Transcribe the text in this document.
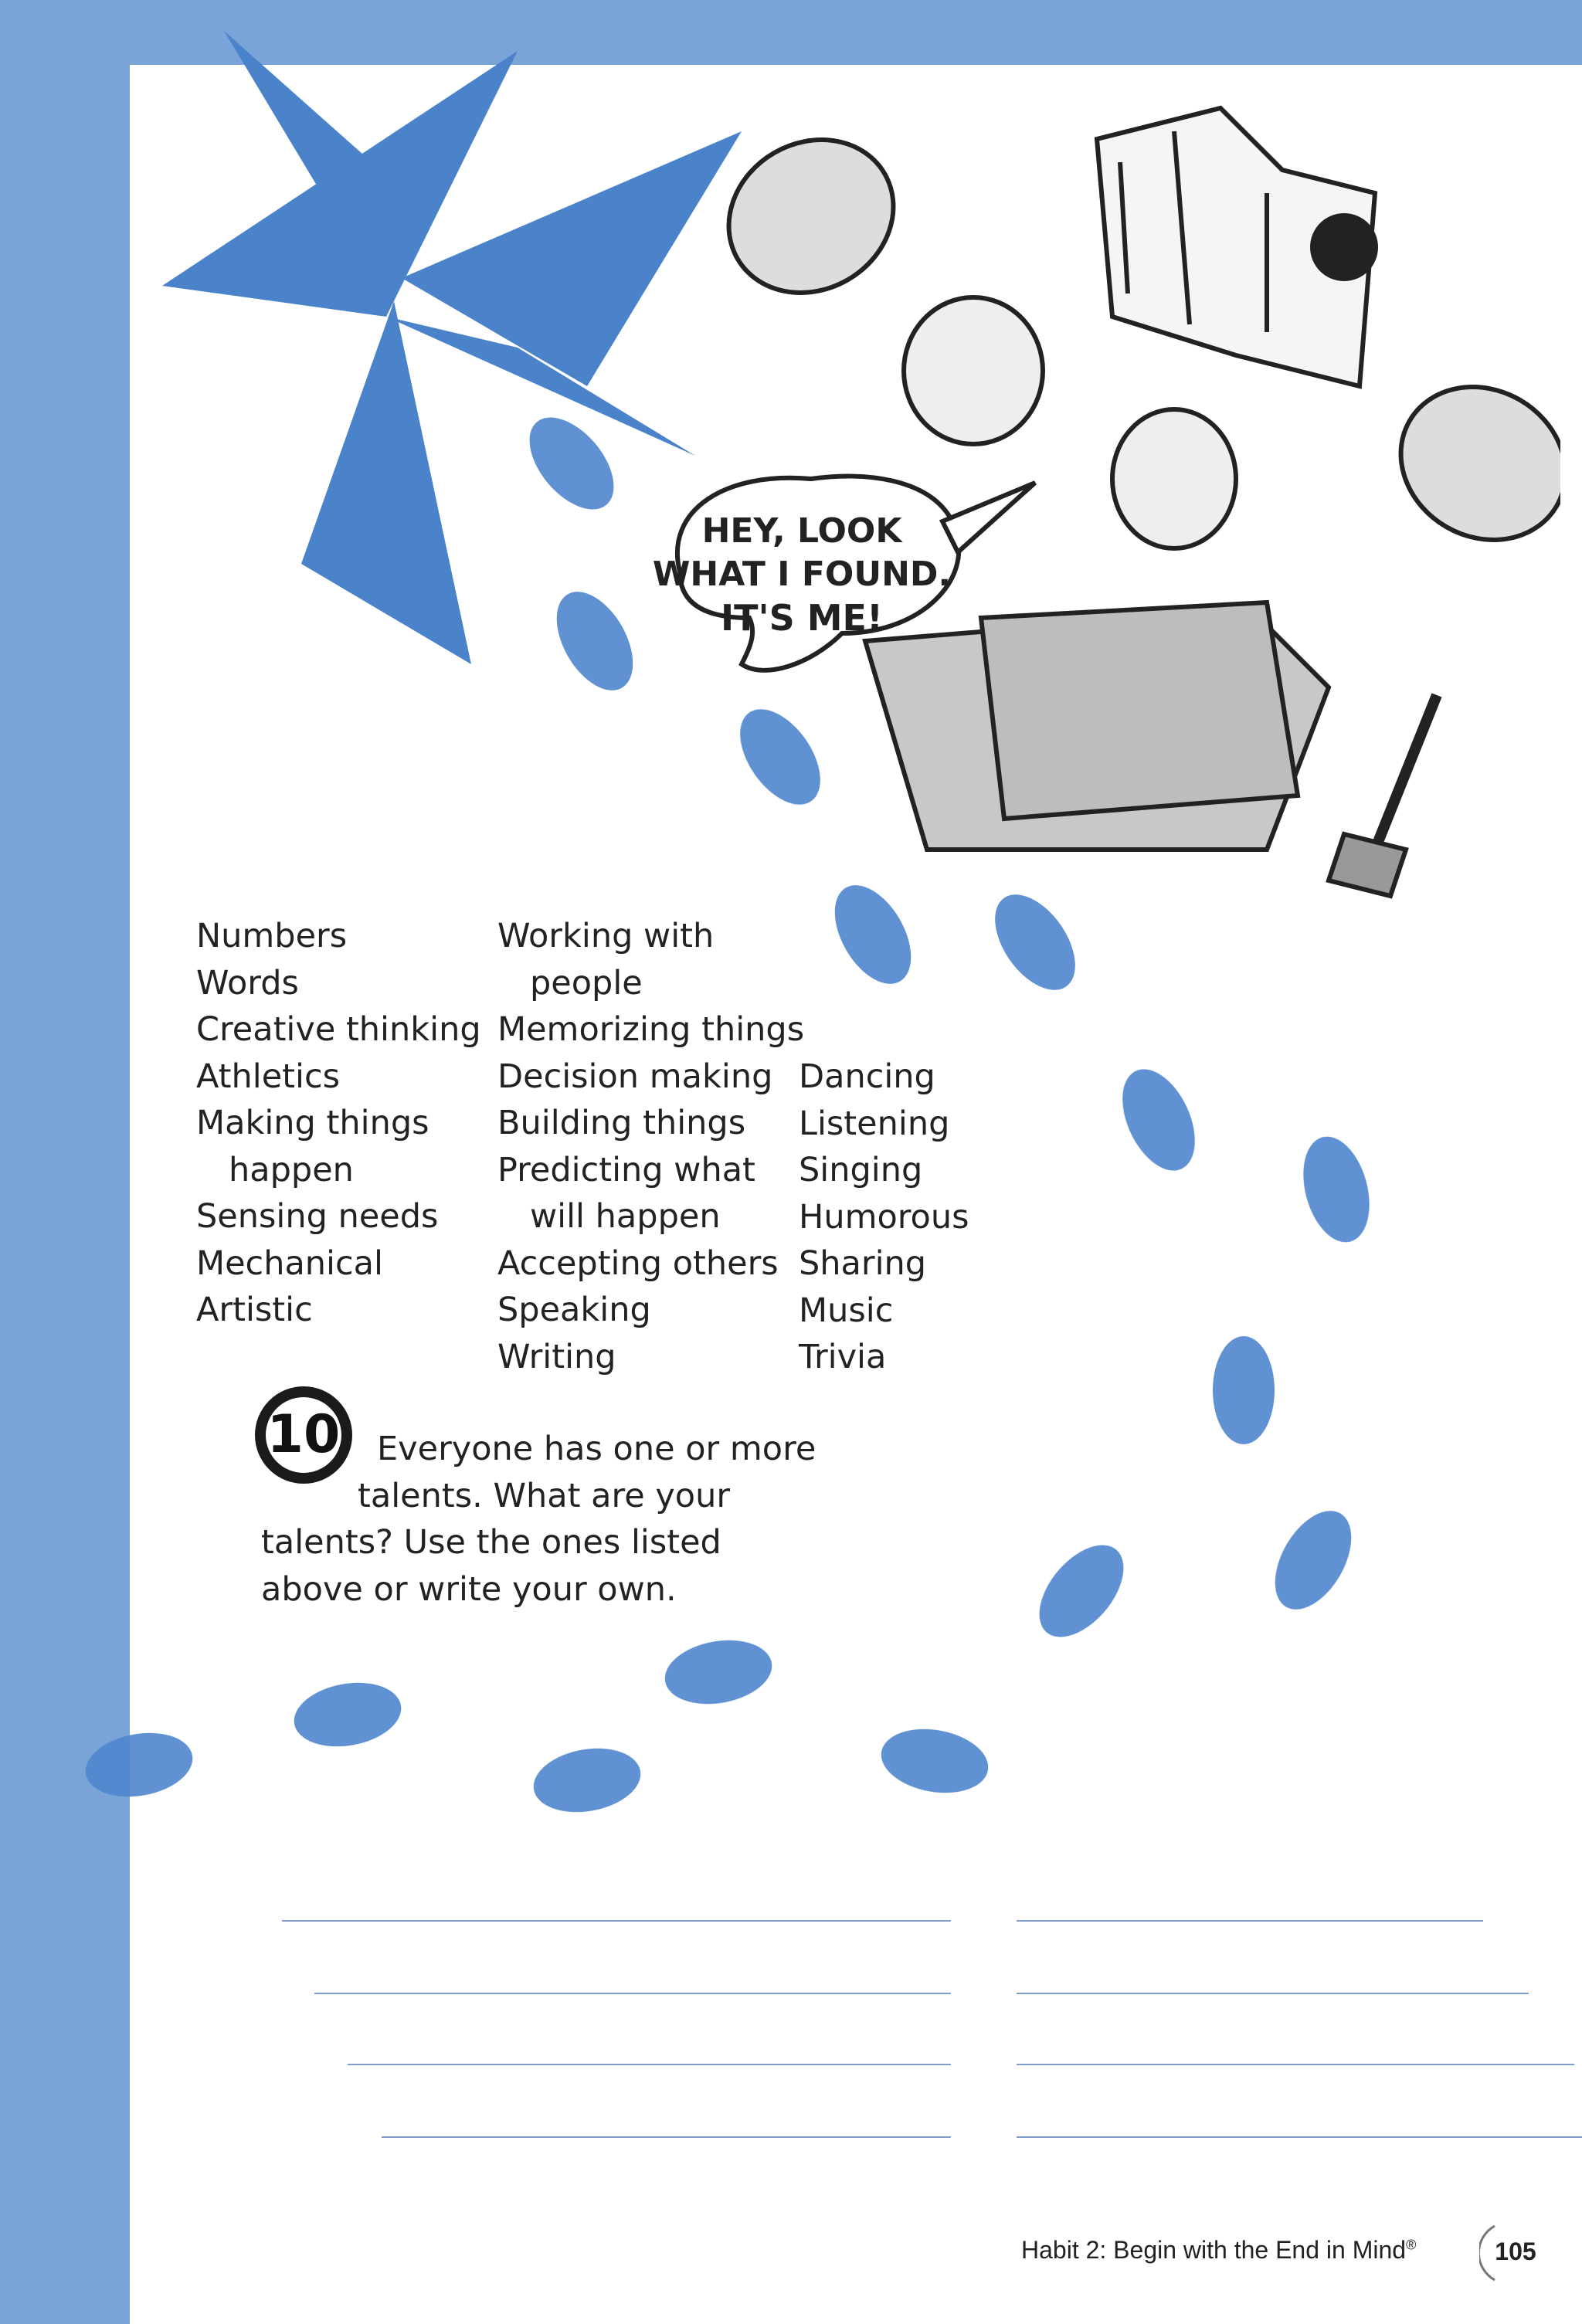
HEY, LOOK
WHAT I FOUND.
IT'S ME!
Numbers
Words
Creative thinking
Athletics
Making things
happen
Sensing needs
Mechanical
Artistic
Working with
people
Memorizing things
Decision making
Building things
Predicting what
will happen
Accepting others
Speaking
Writing
Dancing
Listening
Singing
Humorous
Sharing
Music
Trivia
10	Everyone has one or more
talents. What are your
talents? Use the ones listed
above or write your own.
Habit 2: Begin with the End in Mind®	105
